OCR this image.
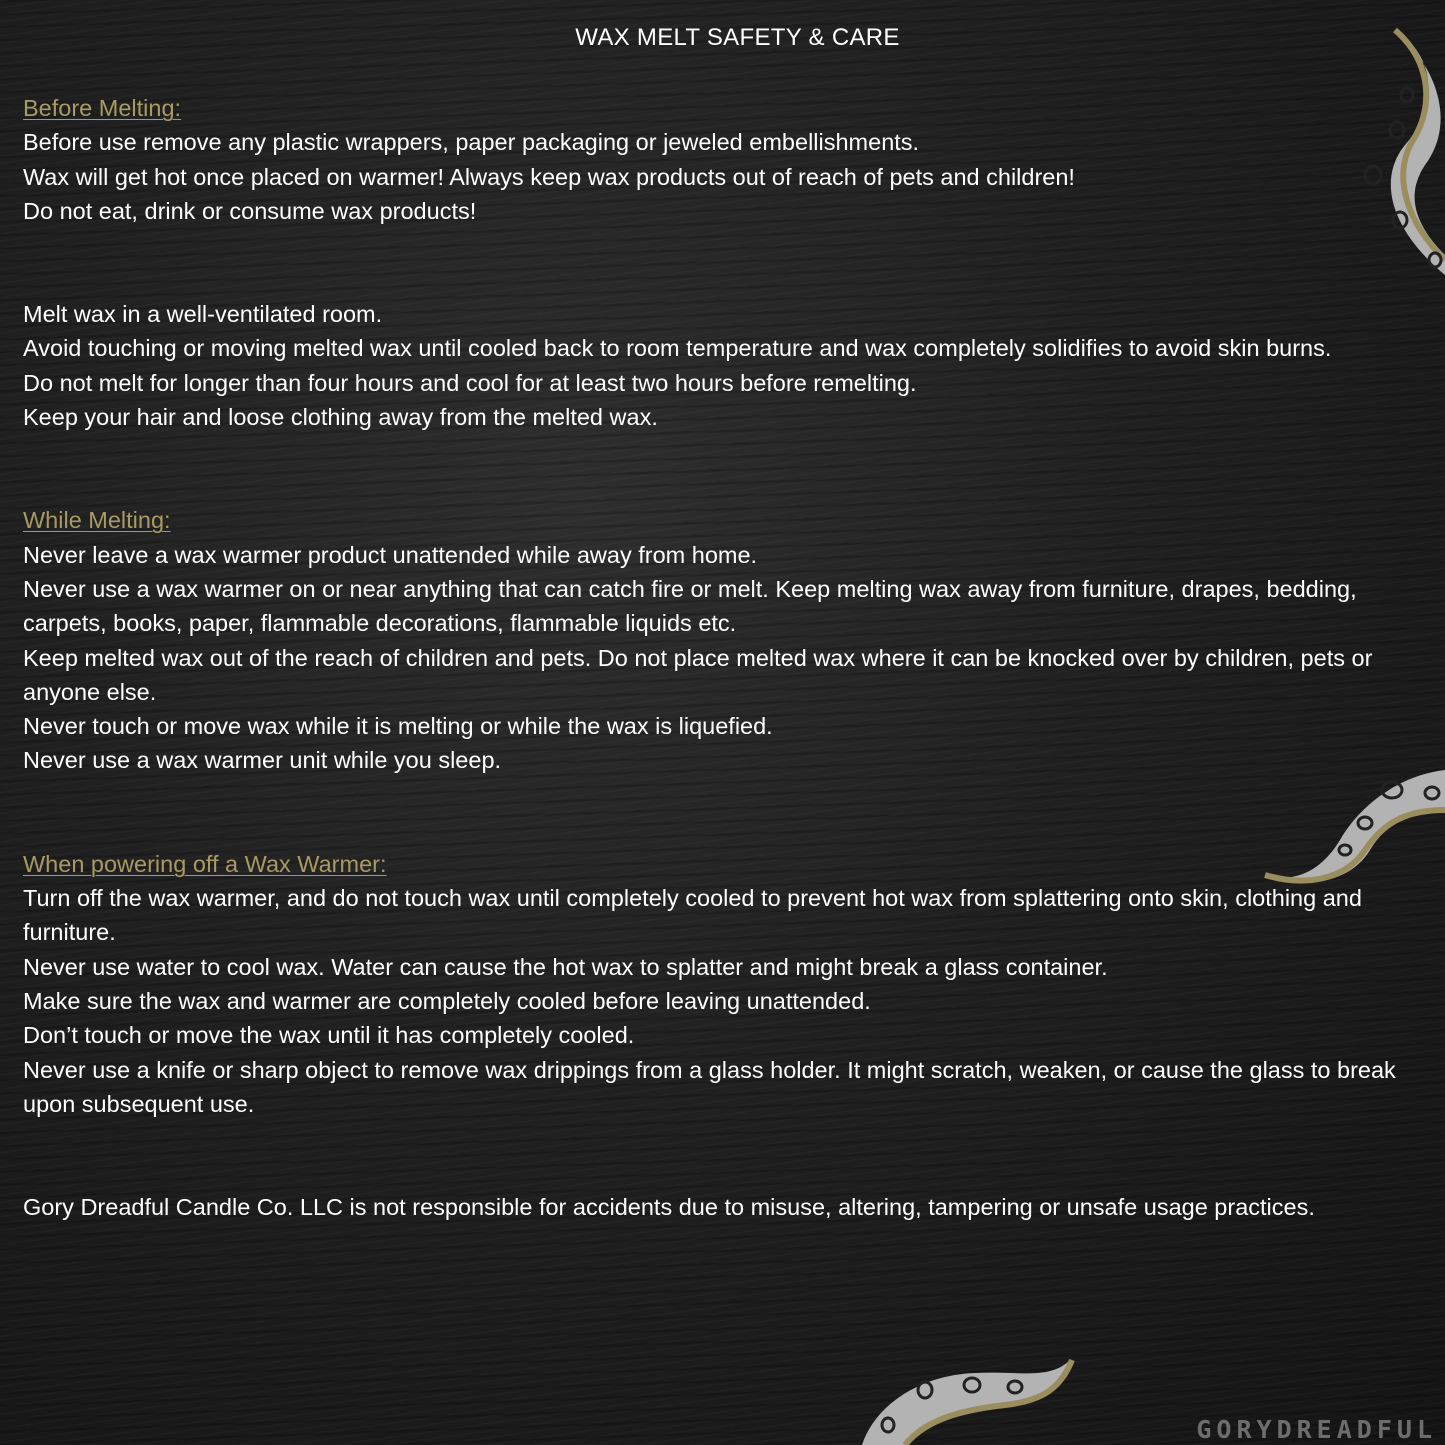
WAX MELT SAFETY & CARE

Before Melting:

Before use remove any plastic wrappers, paper packaging or jeweled embellishments.

Wax will get hot once placed on warmer! Always keep wax products out of reach of pets and children!

Do not eat, drink or consume wax products!

Melt wax in a well-ventilated room.

Avoid touching or moving melted wax until cooled back to room temperature and wax completely solidifies to avoid skin burns.

Do not melt for longer than four hours and cool for at least two hours before remelting.

Keep your hair and loose clothing away from the melted wax.

While Melting:

Never leave a wax warmer product unattended while away from home.

Never use a wax warmer on or near anything that can catch fire or melt. Keep melting wax away from furniture, drapes, bedding, carpets, books, paper, flammable decorations, flammable liquids etc.

Keep melted wax out of the reach of children and pets. Do not place melted wax where it can be knocked over by children, pets or anyone else.

Never touch or move wax while it is melting or while the wax is liquefied.

Never use a wax warmer unit while you sleep.

When powering off a Wax Warmer:

Turn off the wax warmer, and do not touch wax until completely cooled to prevent hot wax from splattering onto skin, clothing and furniture.

Never use water to cool wax. Water can cause the hot wax to splatter and might break a glass container.

Make sure the wax and warmer are completely cooled before leaving unattended.

Don’t touch or move the wax until it has completely cooled.

Never use a knife or sharp object to remove wax drippings from a glass holder. It might scratch, weaken, or cause the glass to break upon subsequent use.

Gory Dreadful Candle Co. LLC is not responsible for accidents due to misuse, altering, tampering or unsafe usage practices.

GORYDREADFUL
